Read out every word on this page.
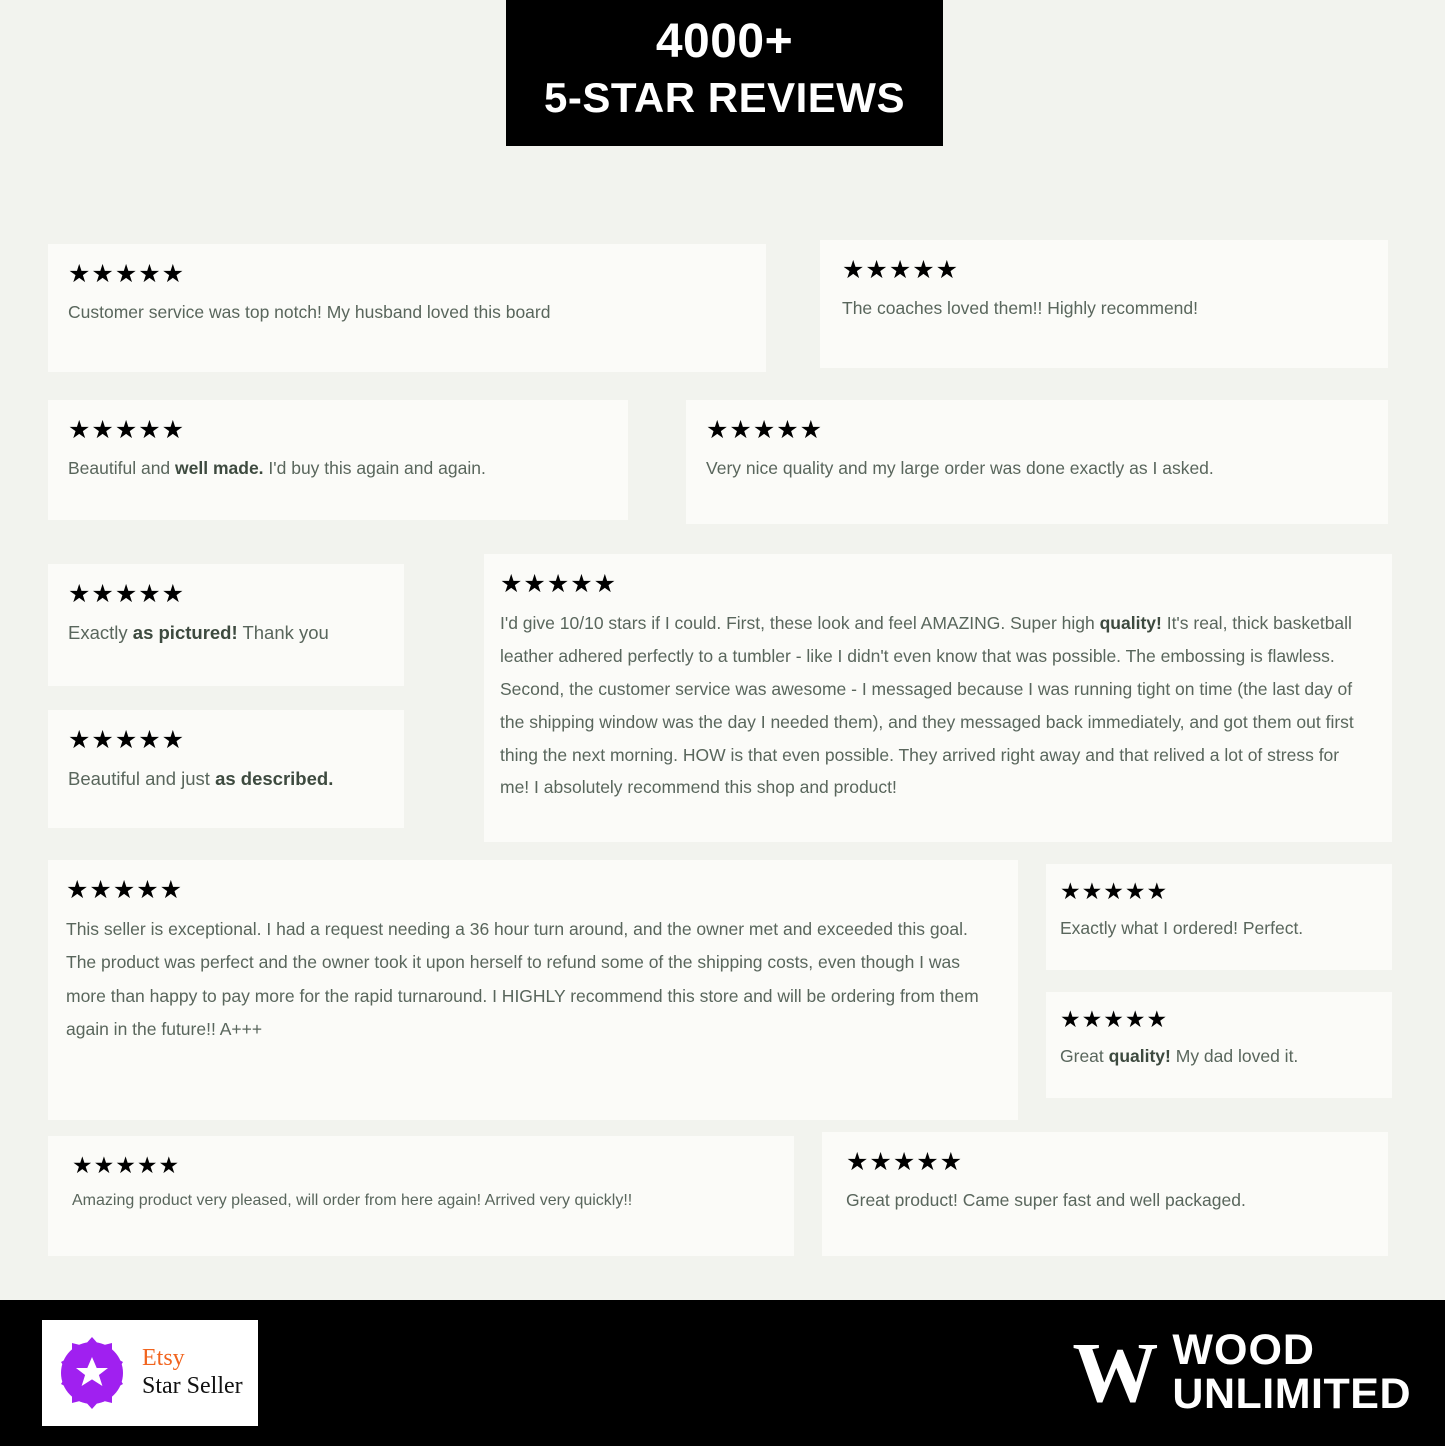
4000+
5-STAR REVIEWS
★★★★★
Customer service was top notch! My husband loved this board
★★★★★
The coaches loved them!! Highly recommend!
★★★★★
Beautiful and well made. I'd buy this again and again.
★★★★★
Very nice quality and my large order was done exactly as I asked.
★★★★★
Exactly as pictured! Thank you
★★★★★
I'd give 10/10 stars if I could. First, these look and feel AMAZING. Super high quality! It's real, thick basketball leather adhered perfectly to a tumbler - like I didn't even know that was possible. The embossing is flawless. Second, the customer service was awesome - I messaged because I was running tight on time (the last day of the shipping window was the day I needed them), and they messaged back immediately, and got them out first thing the next morning. HOW is that even possible. They arrived right away and that relived a lot of stress for me! I absolutely recommend this shop and product!
★★★★★
Beautiful and just as described.
★★★★★
This seller is exceptional. I had a request needing a 36 hour turn around, and the owner met and exceeded this goal. The product was perfect and the owner took it upon herself to refund some of the shipping costs, even though I was more than happy to pay more for the rapid turnaround. I HIGHLY recommend this store and will be ordering from them again in the future!! A+++
★★★★★
Exactly what I ordered! Perfect.
★★★★★
Great quality! My dad loved it.
★★★★★
Amazing product very pleased, will order from here again! Arrived very quickly!!
★★★★★
Great product! Came super fast and well packaged.
Etsy
Star Seller	W WOOD
UNLIMITED
